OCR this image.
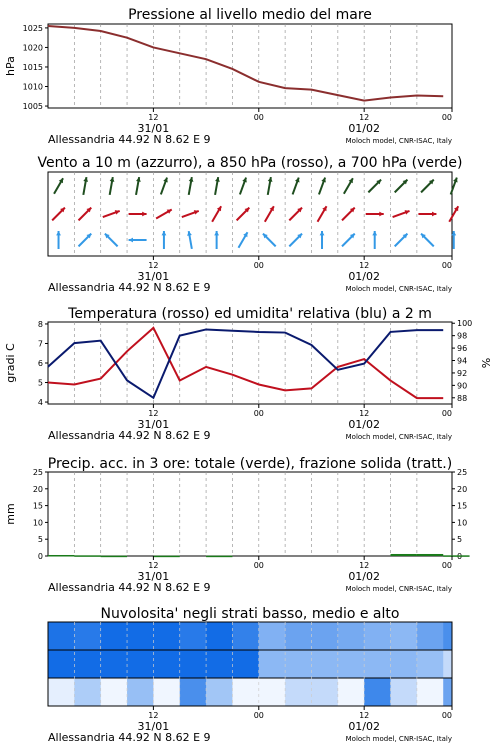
Pressione al livello medio del mare
1005
1010
1015
1020
1025
hPa
12	00	12	00
31/01	01/02
Allessandria 44.92 N 8.62 E 9	Moloch model, CNR-ISAC, Italy
Vento a 10 m (azzurro), a 850 hPa (rosso), a 700 hPa (verde)
12	00	12	00
31/01	01/02
Allessandria 44.92 N 8.62 E 9	Moloch model, CNR-ISAC, Italy
Temperatura (rosso) ed umidita' relativa (blu) a 2 m
4
5
6
7
8
88
90
92
94
96
98
100
gradi C	%
12	00	12	00
31/01	01/02
Allessandria 44.92 N 8.62 E 9	Moloch model, CNR-ISAC, Italy
Precip. acc. in 3 ore: totale (verde), frazione solida (tratt.)
0
5
10
15
20
25
5
10
15
20
25
mm
12	00	12	00
31/01	01/02
Allessandria 44.92 N 8.62 E 9	Moloch model, CNR-ISAC, Italy
Nuvolosita' negli strati basso, medio e alto
12	00	12	00
31/01	01/02
Allessandria 44.92 N 8.62 E 9	Moloch model, CNR-ISAC, Italy
